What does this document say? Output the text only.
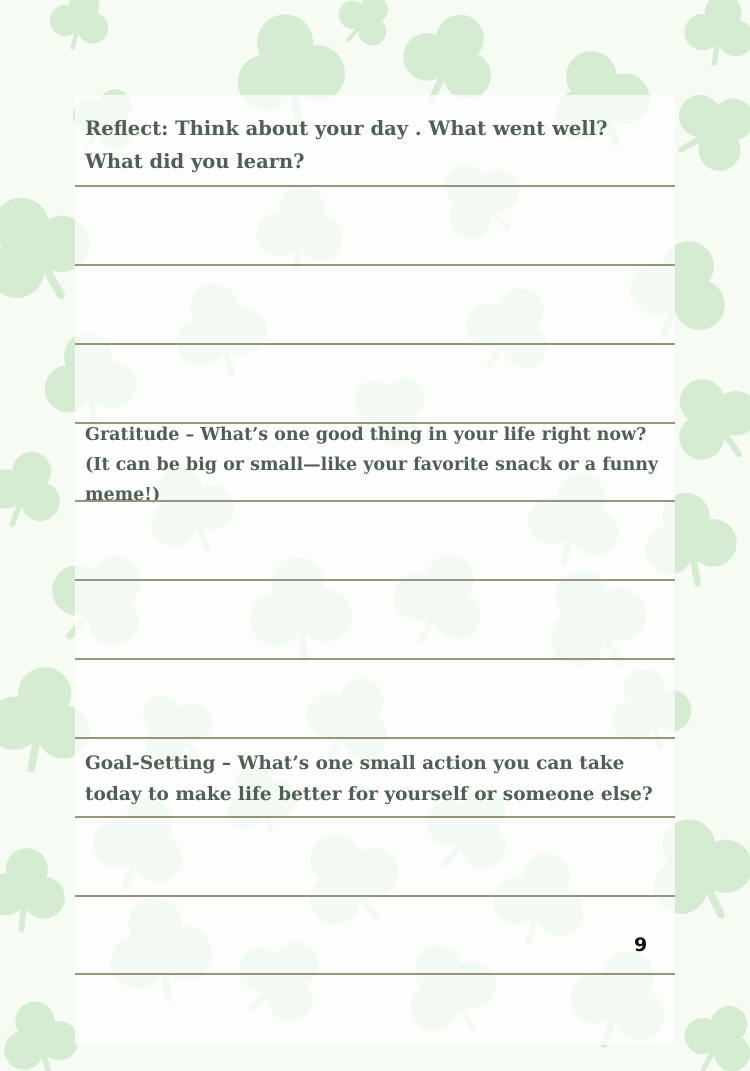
Reflect: Think about your day . What went well? What did you learn?

Gratitude – What’s one good thing in your life right now? (It can be big or small—like your favorite snack or a funny meme!)

Goal-Setting – What’s one small action you can take today to make life better for yourself or someone else?

9
